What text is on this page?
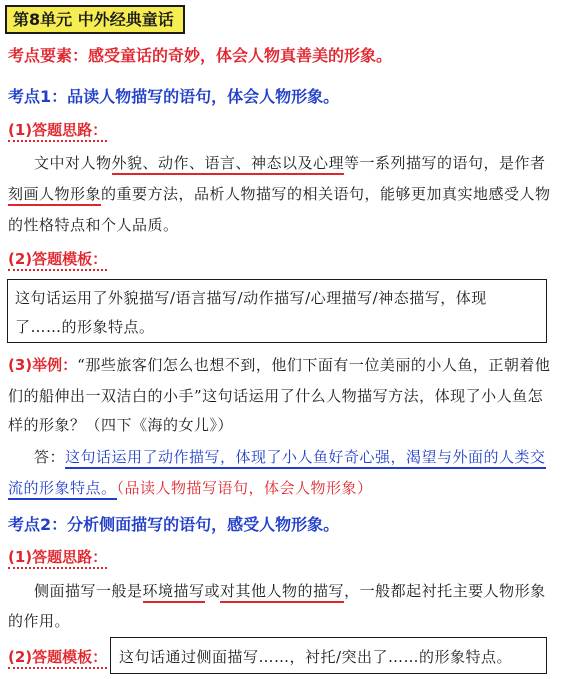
第8单元 中外经典童话
考点要素：感受童话的奇妙，体会人物真善美的形象。
考点1：品读人物描写的语句，体会人物形象。
(1)答题思路：
文中对人物外貌、动作、语言、神态以及心理等一系列描写的语句，是作者
刻画人物形象的重要方法，品析人物描写的相关语句，能够更加真实地感受人物
的性格特点和个人品质。
(2)答题模板：
这句话运用了外貌描写/语言描写/动作描写/心理描写/神态描写，体现
了……的形象特点。
(3)举例：“那些旅客们怎么也想不到，他们下面有一位美丽的小人鱼，正朝着他
们的船伸出一双洁白的小手”这句话运用了什么人物描写方法，体现了小人鱼怎
样的形象？（四下《海的女儿》）
答：这句话运用了动作描写，体现了小人鱼好奇心强，渴望与外面的人类交
流的形象特点。（品读人物描写语句，体会人物形象）
考点2：分析侧面描写的语句，感受人物形象。
(1)答题思路：
侧面描写一般是环境描写或对其他人物的描写，一般都起衬托主要人物形象
的作用。
(2)答题模板： 这句话通过侧面描写……，衬托/突出了……的形象特点。
